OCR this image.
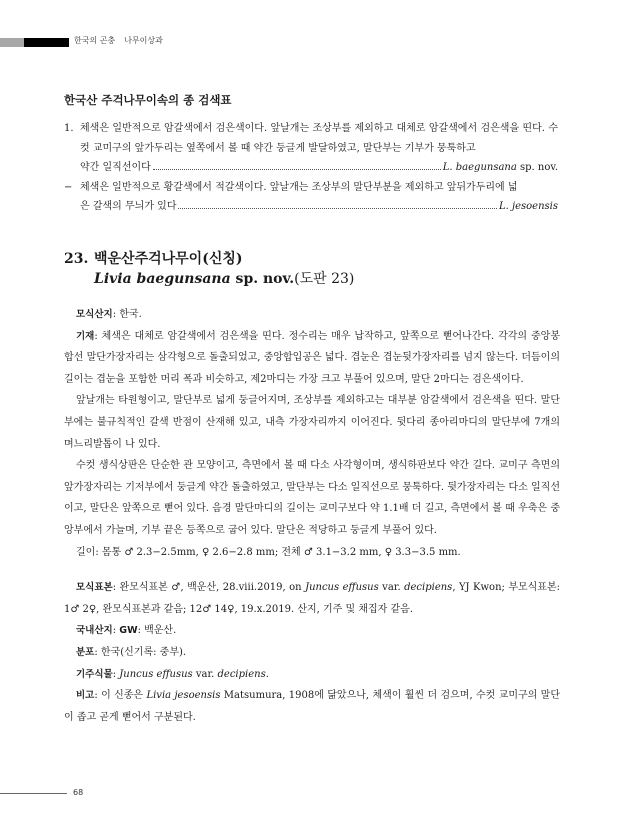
한국의 곤충 나무이상과
한국산 주걱나무이속의 종 검색표
1. 체색은 일반적으로 암갈색에서 검은색이다. 앞날개는 조상부를 제외하고 대체로 암갈색에서 검은색을 띤다. 수컷 교미구의 앞가두리는 옆쪽에서 볼 때 약간 둥글게 발달하였고, 말단부는 기부가 뭉툭하고
약간 일직선이다	L. baegunsana sp. nov.
− 체색은 일반적으로 황갈색에서 적갈색이다. 앞날개는 조상부의 말단부분을 제외하고 앞뒤가두리에 넓
은 갈색의 무늬가 있다	L. jesoensis
23. 백운산주걱나무이(신칭)
Livia baegunsana sp. nov.(도판 23)

모식산지: 한국.

기재: 체색은 대체로 암갈색에서 검은색을 띤다. 정수리는 매우 납작하고, 앞쪽으로 뻗어나간다. 각각의 중앙봉합선 말단가장자리는 삼각형으로 돌출되었고, 중앙합입공은 넓다. 겹눈은 겹눈뒷가장자리를 넘지 않는다. 더듬이의 길이는 겹눈을 포함한 머리 폭과 비슷하고, 제2마디는 가장 크고 부풀어 있으며, 말단 2마디는 검은색이다.

앞날개는 타원형이고, 말단부로 넓게 둥글어지며, 조상부를 제외하고는 대부분 암갈색에서 검은색을 띤다. 말단부에는 불규칙적인 갈색 반점이 산재해 있고, 내측 가장자리까지 이어진다. 뒷다리 종아리마디의 말단부에 7개의 며느리발톱이 나 있다.

수컷 생식상판은 단순한 관 모양이고, 측면에서 볼 때 다소 사각형이며, 생식하판보다 약간 길다. 교미구 측면의 앞가장자리는 기저부에서 둥글게 약간 돌출하였고, 말단부는 다소 일직선으로 뭉툭하다. 뒷가장자리는 다소 일직선이고, 말단은 앞쪽으로 뻗어 있다. 음경 말단마디의 길이는 교미구보다 약 1.1배 더 길고, 측면에서 볼 때 우축은 중앙부에서 가늘며, 기부 끝은 등쪽으로 굽어 있다. 말단은 적당하고 둥글게 부풀어 있다.

길이: 몸통 ♂ 2.3−2.5mm, ♀ 2.6−2.8 mm; 전체 ♂ 3.1−3.2 mm, ♀ 3.3−3.5 mm.

모식표본: 완모식표본 ♂, 백운산, 28.viii.2019, on Juncus effusus var. decipiens, YJ Kwon; 부모식표본: 1♂ 2♀, 완모식표본과 같음; 12♂ 14♀, 19.x.2019. 산지, 기주 및 채집자 같음.

국내산지: GW: 백운산.

분포: 한국(신기록: 중부).

기주식물: Juncus effusus var. decipiens.

비고: 이 신종은 Livia jesoensis Matsumura, 1908에 닮았으나, 체색이 훨씬 더 검으며, 수컷 교미구의 말단이 좁고 곧게 뻗어서 구분된다.

68
